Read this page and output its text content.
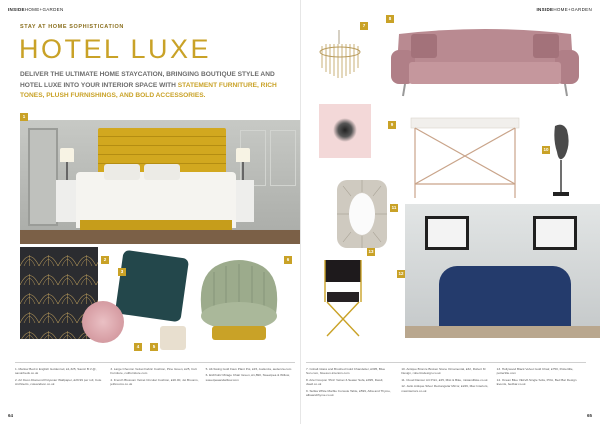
INSIDEHOME+GARDEN
STAY AT HOME SOPHISTICATION
HOTEL LUXE
DELIVER THE ULTIMATE HOME STAYCATION, BRINGING BOUTIQUE STYLE AND HOTEL LUXE INTO YOUR INTERIOR SPACE WITH STATEMENT FURNITURE, RICH TONES, PLUSH FURNISHINGS, AND BOLD ACCESSORIES.
1
2
3
4	5
6

1. Marlow Bed in English Goldenrod, £1,325, Savoir B.V.@, savoirbeds.co.uk

2. Art Deco Diamond Polyester Wallpaper, £29.99 per roll, Cole Architects, coleandson.co.uk

3. Large Chevron Velvet Fabric Cushion, Pine Green, £25, Cult Furniture, cultfurniture.com

4. French Blossom Velvet Circular Cushion, £20.00, Jet Brooms, jetbrooms.co.uk

5. All-Swing Gold Faux Plant Pot, £15, Audenza, audenza.com

6. Eichholtz Mirage Chair Green, £1,890, Sweetpea & Willow, sweetpeaandwillow.com

64
INSIDEHOME+GARDEN
7
8
9
10
11
12
13

7. Cobalt Glass and Brushed Gold Chandelier, £395, Blue Sun.com, bluesun-interiors.com

8. Ariel Coupon 'Pink' Velvet 3-Seater Sofa, £995, Dwell, dwell.co.uk

9. Sulika White Marble Console Table, £599, Alba and Thyme, albaandthyme.co.uk

10. Antique Bronze Broken Stone Ornamental, £32, Robert M Design, robertmdesign.co.uk

11. Cloud Dancer Art Print, £25, Mist & Bike, mistandbike.co.uk

12. Jarlo Antique Silver Rectangular Mirror, £249, Max Interiors, maxinteriors.co.uk

13. Hollywood Black Velvet Gold Chair, £750, Pottertille, pottertille.com

14. Ocean Blue VELVA Single Sofa, POA, Bed Bar Design Events, bedbar.co.uk

65
